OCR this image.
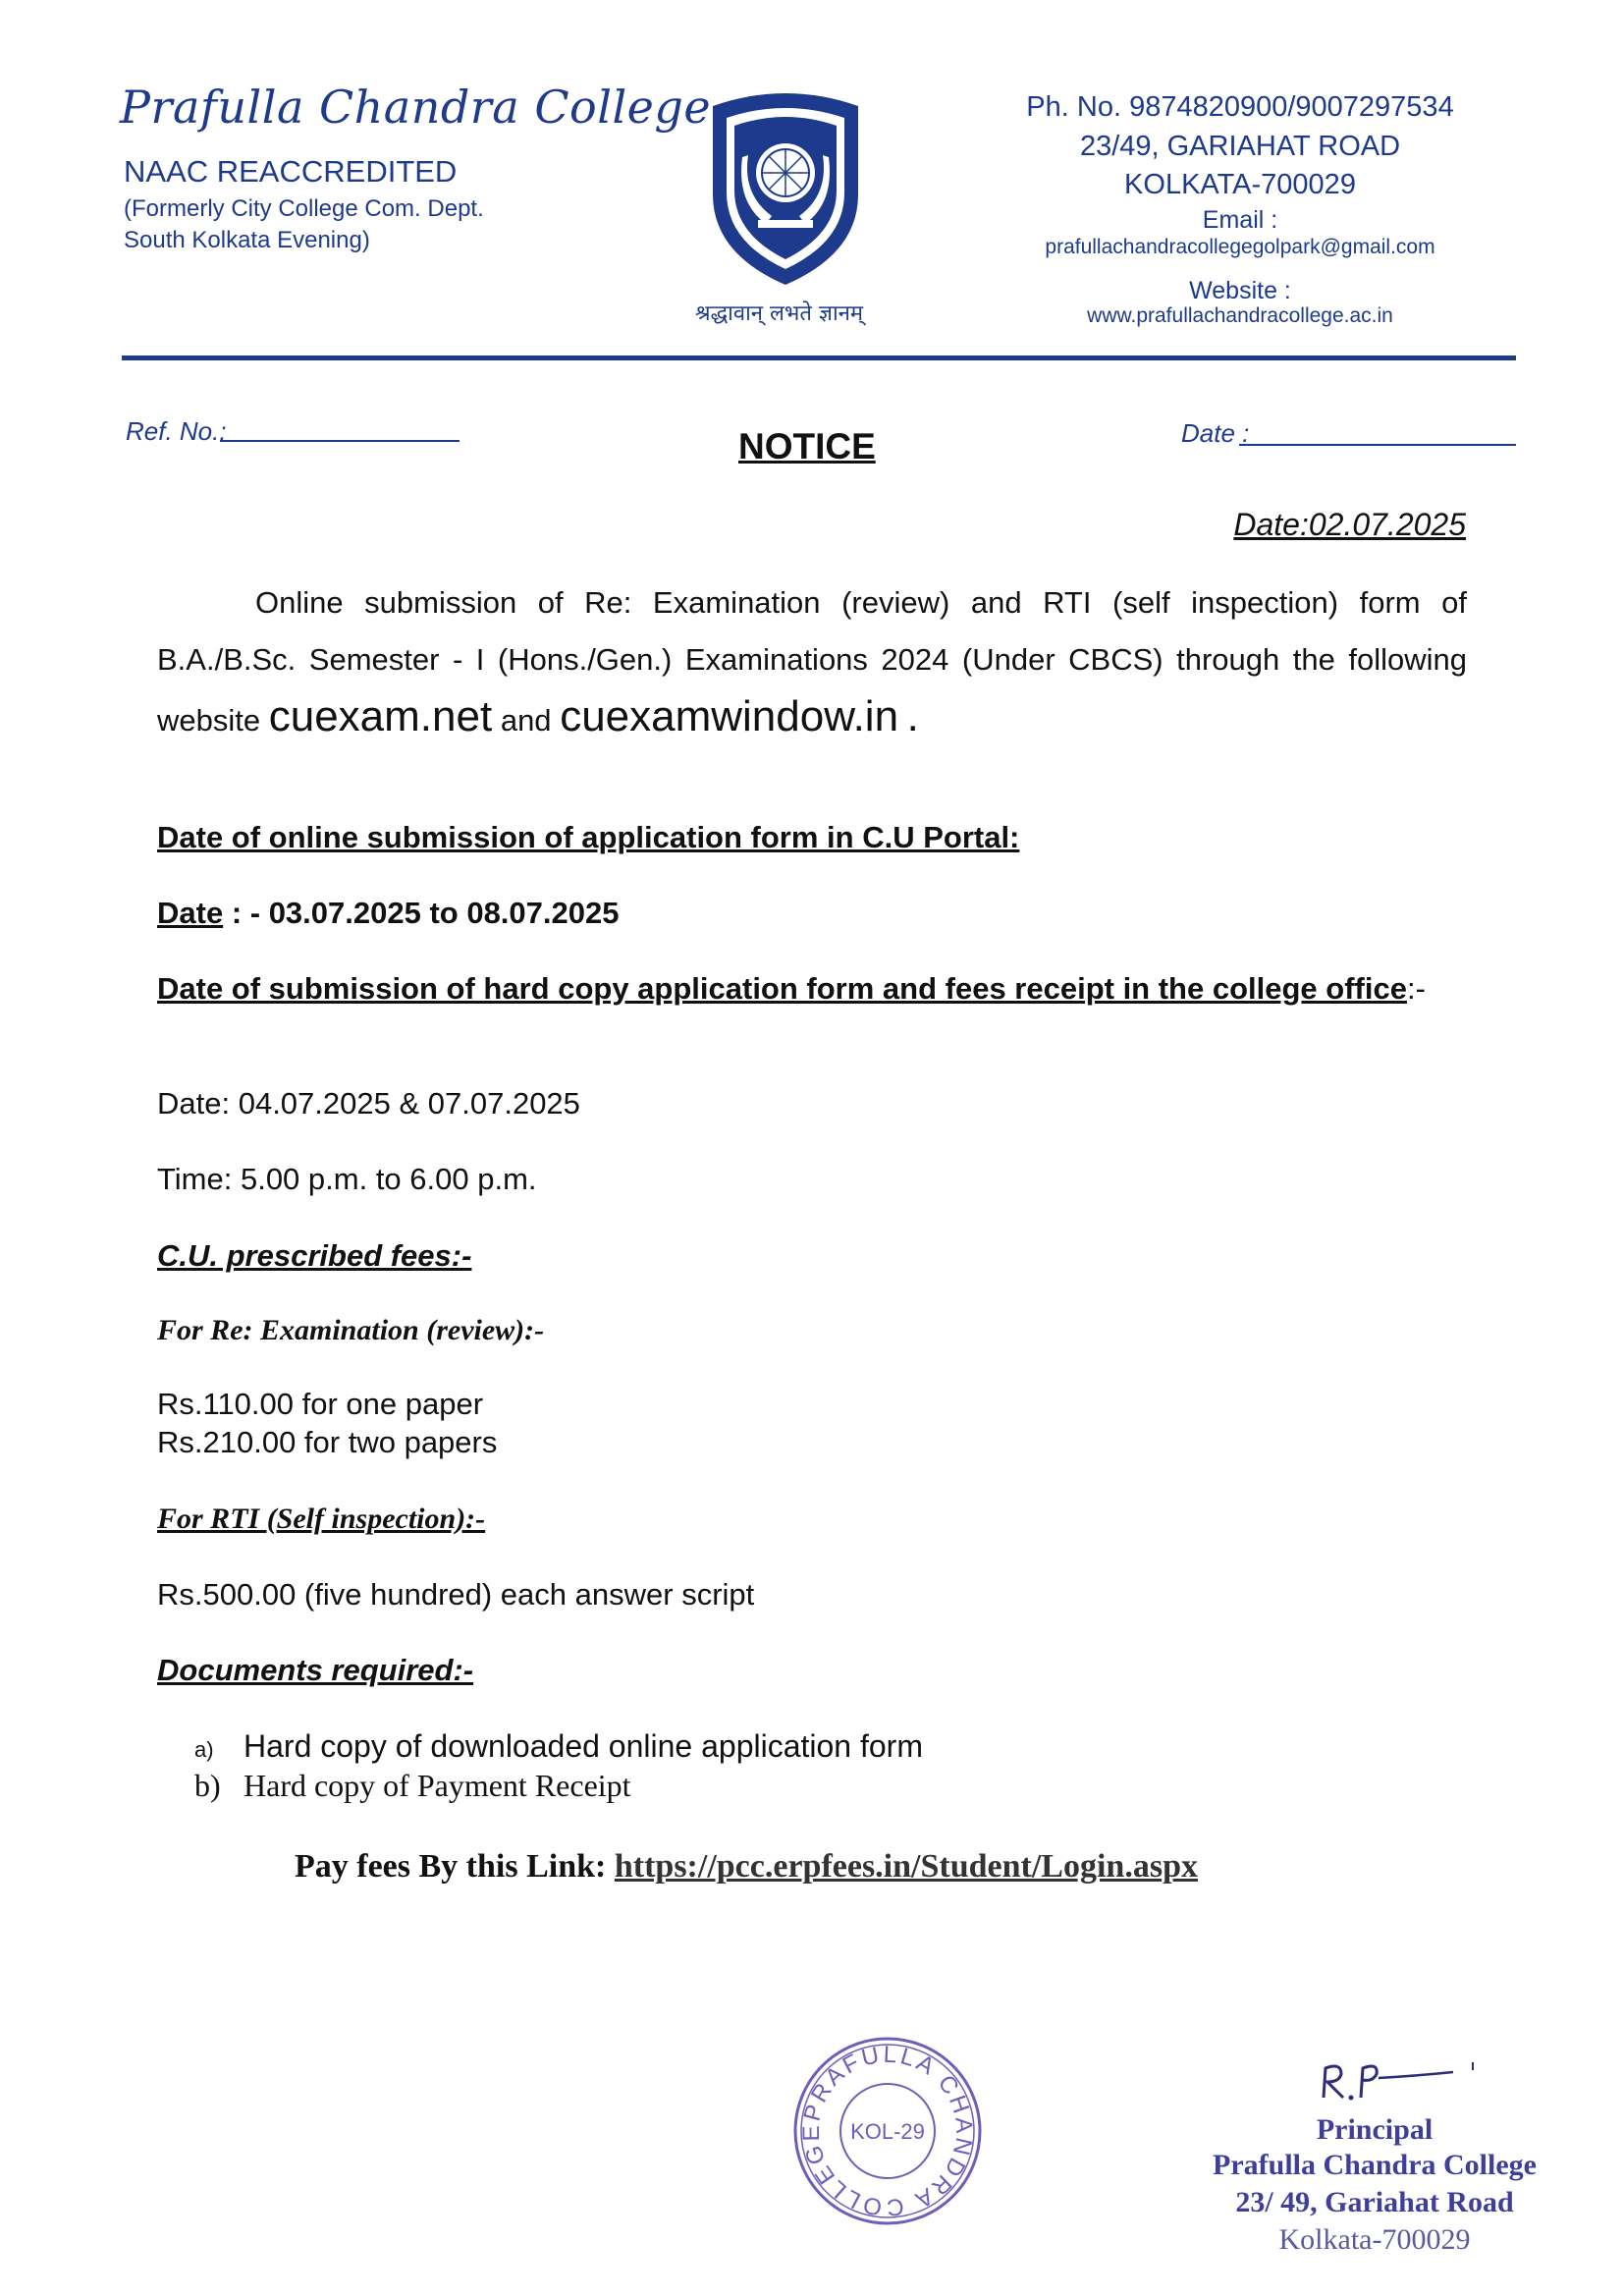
Prafulla Chandra College
NAAC REACCREDITED
(Formerly City College Com. Dept.
South Kolkata Evening)
श्रद्धावान् लभते ज्ञानम्
Ph. No. 9874820900/9007297534
23/49, GARIAHAT ROAD
KOLKATA-700029
Email :
prafullachandracollegegolpark@gmail.com
Website :
www.prafullachandracollege.ac.in
Ref. No.:	NOTICE	Date :
Date:02.07.2025
Online submission of Re: Examination (review) and RTI (self inspection) form of B.A./B.Sc. Semester - I (Hons./Gen.) Examinations 2024 (Under CBCS) through the following website cuexam.net and cuexamwindow.in .
Date of online submission of application form in C.U Portal:
Date : - 03.07.2025 to 08.07.2025
Date of submission of hard copy application form and fees receipt in the college office:-
Date: 04.07.2025 & 07.07.2025
Time: 5.00 p.m. to 6.00 p.m.
C.U. prescribed fees:-
For Re: Examination (review):-
Rs.110.00 for one paper
Rs.210.00 for two papers
For RTI (Self inspection):-
Rs.500.00 (five hundred) each answer script
Documents required:-
a) Hard copy of downloaded online application form
b) Hard copy of Payment Receipt
Pay fees By this Link: https://pcc.erpfees.in/Student/Login.aspx
PRAFULLA CHANDRA COLLEGE	KOL-29	Principal
Prafulla Chandra College
23/ 49, Gariahat Road
Kolkata-700029
